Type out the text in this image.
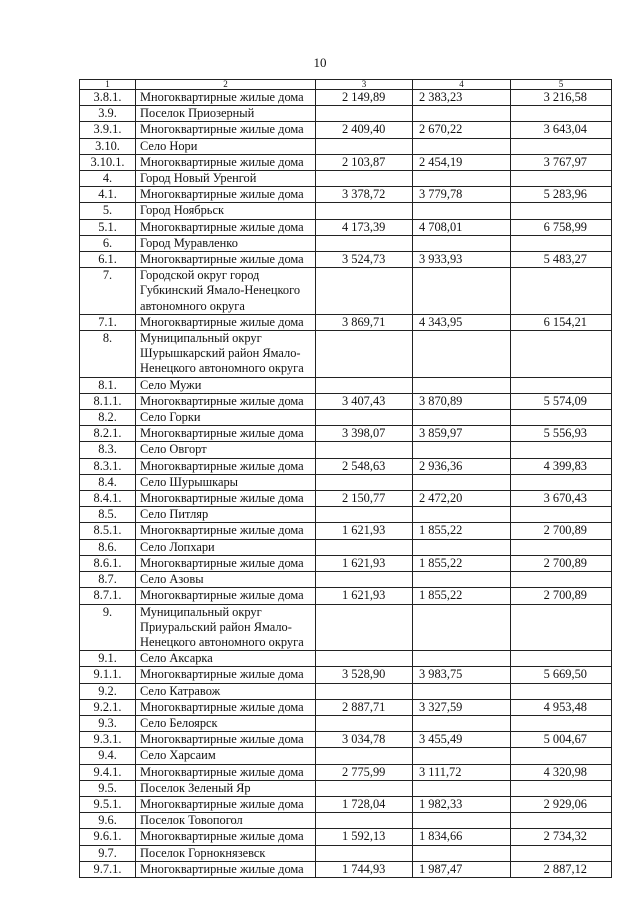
10
1	2	3	4	5
3.8.1.	Многоквартирные жилые дома	2 149,89	2 383,23	3 216,58
3.9.	Поселок Приозерный			
3.9.1.	Многоквартирные жилые дома	2 409,40	2 670,22	3 643,04
3.10.	Село Нори			
3.10.1.	Многоквартирные жилые дома	2 103,87	2 454,19	3 767,97
4.	Город Новый Уренгой			
4.1.	Многоквартирные жилые дома	3 378,72	3 779,78	5 283,96
5.	Город Ноябрьск			
5.1.	Многоквартирные жилые дома	4 173,39	4 708,01	6 758,99
6.	Город Муравленко			
6.1.	Многоквартирные жилые дома	3 524,73	3 933,93	5 483,27
7.	Городской округ город Губкинский Ямало-Ненецкого автономного округа			
7.1.	Многоквартирные жилые дома	3 869,71	4 343,95	6 154,21
8.	Муниципальный округ Шурышкарский район Ямало-Ненецкого автономного округа			
8.1.	Село Мужи			
8.1.1.	Многоквартирные жилые дома	3 407,43	3 870,89	5 574,09
8.2.	Село Горки			
8.2.1.	Многоквартирные жилые дома	3 398,07	3 859,97	5 556,93
8.3.	Село Овгорт			
8.3.1.	Многоквартирные жилые дома	2 548,63	2 936,36	4 399,83
8.4.	Село Шурышкары			
8.4.1.	Многоквартирные жилые дома	2 150,77	2 472,20	3 670,43
8.5.	Село Питляр			
8.5.1.	Многоквартирные жилые дома	1 621,93	1 855,22	2 700,89
8.6.	Село Лопхари			
8.6.1.	Многоквартирные жилые дома	1 621,93	1 855,22	2 700,89
8.7.	Село Азовы			
8.7.1.	Многоквартирные жилые дома	1 621,93	1 855,22	2 700,89
9.	Муниципальный округ Приуральский район Ямало-Ненецкого автономного округа			
9.1.	Село Аксарка			
9.1.1.	Многоквартирные жилые дома	3 528,90	3 983,75	5 669,50
9.2.	Село Катравож			
9.2.1.	Многоквартирные жилые дома	2 887,71	3 327,59	4 953,48
9.3.	Село Белоярск			
9.3.1.	Многоквартирные жилые дома	3 034,78	3 455,49	5 004,67
9.4.	Село Харсаим			
9.4.1.	Многоквартирные жилые дома	2 775,99	3 111,72	4 320,98
9.5.	Поселок Зеленый Яр			
9.5.1.	Многоквартирные жилые дома	1 728,04	1 982,33	2 929,06
9.6.	Поселок Товопогол			
9.6.1.	Многоквартирные жилые дома	1 592,13	1 834,66	2 734,32
9.7.	Поселок Горнокнязевск			
9.7.1.	Многоквартирные жилые дома	1 744,93	1 987,47	2 887,12
